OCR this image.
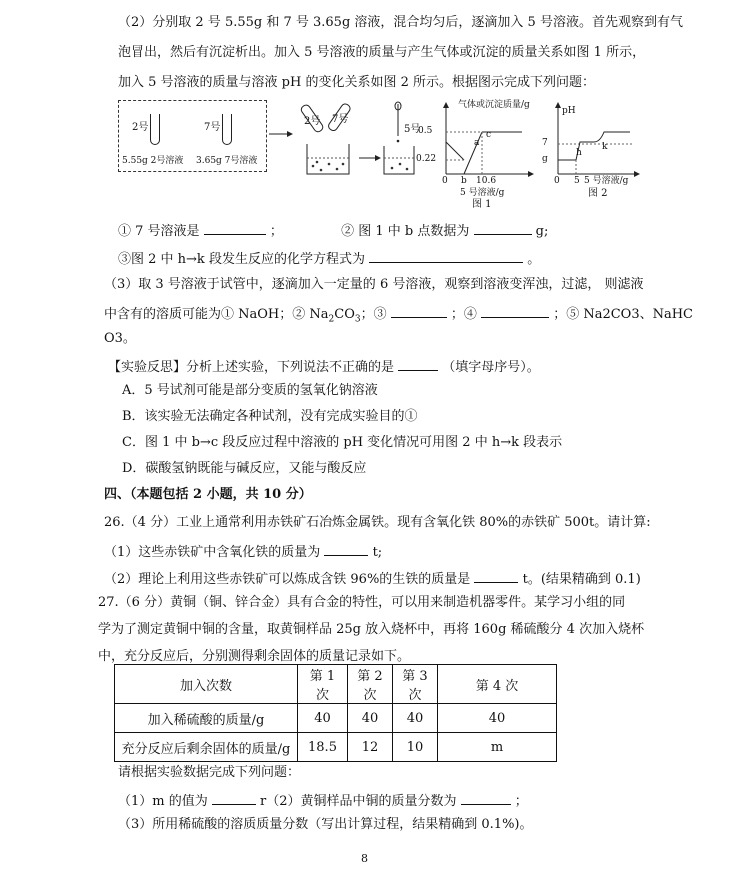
（2）分别取 2 号 5.55g 和 7 号 3.65g 溶液，混合均匀后，逐滴加入 5 号溶液。首先观察到有气
泡冒出，然后有沉淀析出。加入 5 号溶液的质量与产生气体或沉淀的质量关系如图 1 所示，
加入 5 号溶液的质量与溶液 pH 的变化关系如图 2 所示。根据图示完成下列问题：
2号	7号
5.55g 2号溶液 3.65g 7号溶液
2号 7号
5号
气体或沉淀质量/g
0.5
0.22
a
c
0 b 10.6
5 号溶液/g
图 1
pH
7
g
h
k
0 5 5 号溶液/g
图 2
① 7 号溶液是	；	② 图 1 中 b 点数据为	g;
③图 2 中 h→k 段发生反应的化学方程式为	。
（3）取 3 号溶液于试管中，逐滴加入一定量的 6 号溶液，观察到溶液变浑浊，过滤， 则滤液
中含有的溶质可能为① NaOH；② $Na_2CO_3$；③	；④	；⑤ Na2CO3、NaHC
O3。
【实验反思】分析上述实验，下列说法不正确的是	（填字母序号）。
A．5 号试剂可能是部分变质的氢氧化钠溶液
B．该实验无法确定各种试剂，没有完成实验目的①
C．图 1 中 b→c 段反应过程中溶液的 pH 变化情况可用图 2 中 h→k 段表示
D．碳酸氢钠既能与碱反应，又能与酸反应
四、（本题包括 2 小题，共 10 分）
26.（4 分）工业上通常利用赤铁矿石冶炼金属铁。现有含氧化铁 80%的赤铁矿 500t。请计算:
（1）这些赤铁矿中含氧化铁的质量为	t;
（2）理论上利用这些赤铁矿可以炼成含铁 96%的生铁的质量是	t。(结果精确到 0.1)
27.（6 分）黄铜（铜、锌合金）具有合金的特性，可以用来制造机器零件。某学习小组的同
学为了测定黄铜中铜的含量，取黄铜样品 25g 放入烧杯中，再将 160g 稀硫酸分 4 次加入烧杯
中，充分反应后，分别测得剩余固体的质量记录如下。
加入次数	第 1 次	第 2 次	第 3 次	第 4 次
加入稀硫酸的质量/g	40	40	40	40
充分反应后剩余固体的质量/g	18.5	12	10	m
请根据实验数据完成下列问题：
（1）m 的值为	r（2）黄铜样品中铜的质量分数为	；
（3）所用稀硫酸的溶质质量分数（写出计算过程，结果精确到 0.1%)。
8
